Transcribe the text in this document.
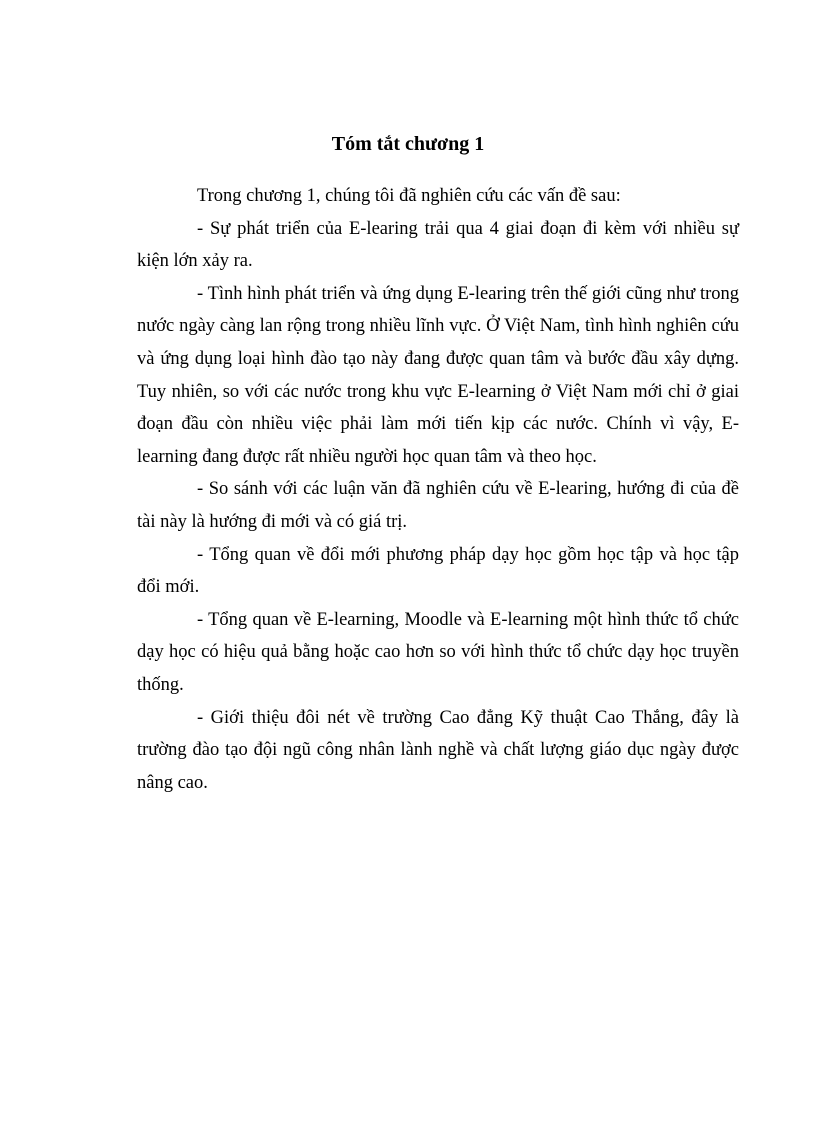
Tóm tắt chương 1

Trong chương 1, chúng tôi đã nghiên cứu các vấn đề sau:

- Sự phát triển của E-learing trải qua 4 giai đoạn đi kèm với nhiều sự kiện lớn xảy ra.

- Tình hình phát triển và ứng dụng E-learing trên thế giới cũng như trong nước ngày càng lan rộng trong nhiều lĩnh vực. Ở Việt Nam, tình hình nghiên cứu và ứng dụng loại hình đào tạo này đang được quan tâm và bước đầu xây dựng. Tuy nhiên, so với các nước trong khu vực E-learning ở Việt Nam mới chỉ ở giai đoạn đầu còn nhiều việc phải làm mới tiến kịp các nước. Chính vì vậy, E-learning đang được rất nhiều người học quan tâm và theo học.

- So sánh với các luận văn đã nghiên cứu về E-learing, hướng đi của đề tài này là hướng đi mới và có giá trị.

- Tổng quan về đổi mới phương pháp dạy học gồm học tập và học tập đổi mới.

- Tổng quan về E-learning, Moodle và E-learning một hình thức tổ chức dạy học có hiệu quả bằng hoặc cao hơn so với hình thức tổ chức dạy học truyền thống.

- Giới thiệu đôi nét về trường Cao đẳng Kỹ thuật Cao Thắng, đây là trường đào tạo đội ngũ công nhân lành nghề và chất lượng giáo dục ngày được nâng cao.
